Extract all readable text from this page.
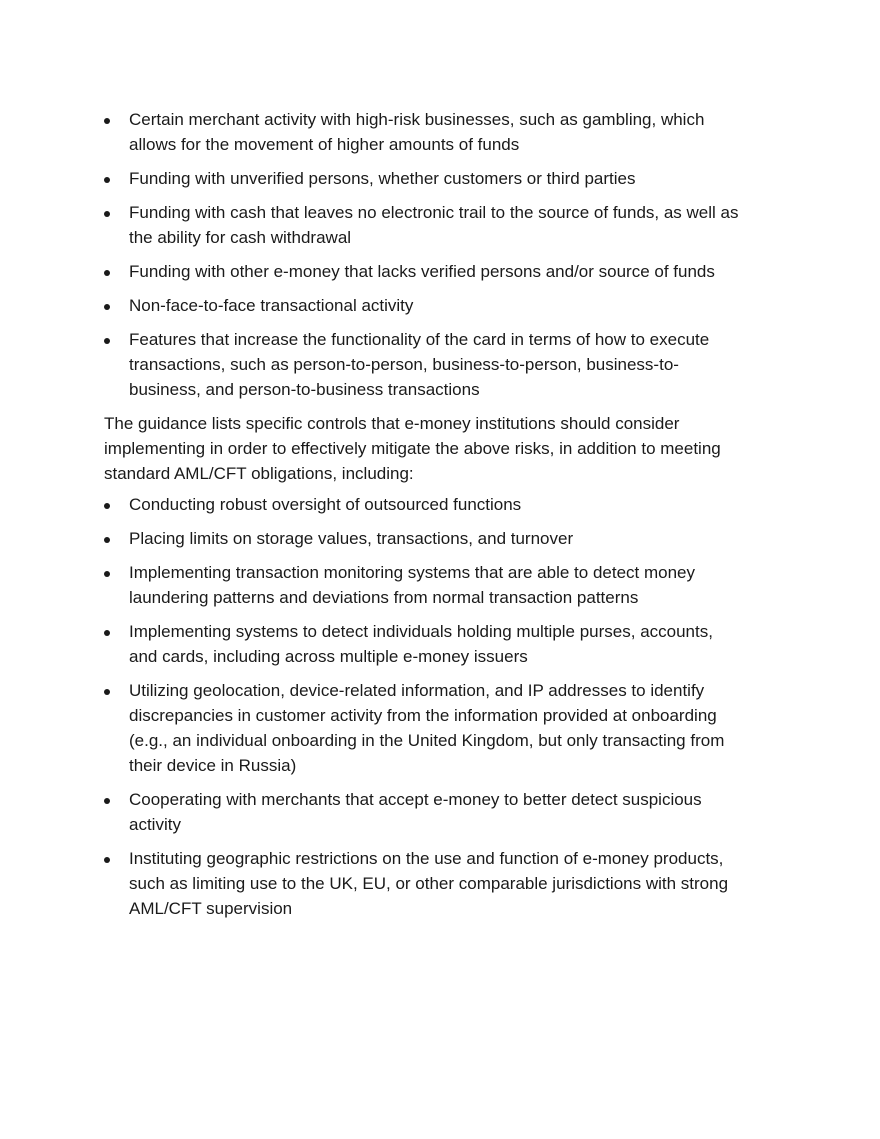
Certain merchant activity with high-risk businesses, such as gambling, which allows for the movement of higher amounts of funds
Funding with unverified persons, whether customers or third parties
Funding with cash that leaves no electronic trail to the source of funds, as well as the ability for cash withdrawal
Funding with other e-money that lacks verified persons and/or source of funds
Non-face-to-face transactional activity
Features that increase the functionality of the card in terms of how to execute transactions, such as person-to-person, business-to-person, business-to-business, and person-to-business transactions

The guidance lists specific controls that e-money institutions should consider implementing in order to effectively mitigate the above risks, in addition to meeting standard AML/CFT obligations, including:

Conducting robust oversight of outsourced functions
Placing limits on storage values, transactions, and turnover
Implementing transaction monitoring systems that are able to detect money laundering patterns and deviations from normal transaction patterns
Implementing systems to detect individuals holding multiple purses, accounts, and cards, including across multiple e-money issuers
Utilizing geolocation, device-related information, and IP addresses to identify discrepancies in customer activity from the information provided at onboarding (e.g., an individual onboarding in the United Kingdom, but only transacting from their device in Russia)
Cooperating with merchants that accept e-money to better detect suspicious activity
Instituting geographic restrictions on the use and function of e-money products, such as limiting use to the UK, EU, or other comparable jurisdictions with strong AML/CFT supervision
